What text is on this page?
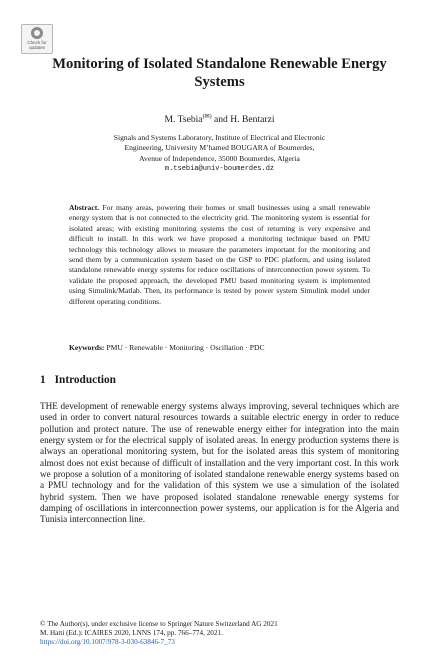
Check for updates
Monitoring of Isolated Standalone Renewable Energy Systems
M. Tsebia(✉) and H. Bentarzi
Signals and Systems Laboratory, Institute of Electrical and Electronic
Engineering, University M’hamed BOUGARA of Boumerdes,
Avenue of Independence, 35000 Boumerdes, Algeria
m.tsebia@univ-boumerdes.dz

Abstract. For many areas, powering their homes or small businesses using a small renewable energy system that is not connected to the electricity grid. The monitoring system is essential for isolated areas; with existing monitoring systems the cost of returning is very expensive and difficult to install. In this work we have proposed a monitoring technique based on PMU technology this technology allows to measure the parameters important for the monitoring and send them by a communication system based on the GSP to PDC platform, and using isolated standalone renewable energy systems for reduce oscillations of interconnection power system. To validate the proposed approach, the developed PMU based monitoring system is implemented using Simulink/Matlab. Then, its performance is tested by power system Simulink model under different operating conditions.

Keywords: PMU · Renewable · Monitoring · Oscillation · PDC
1 Introduction

THE development of renewable energy systems always improving, several techniques which are used in order to convert natural resources towards a suitable electric energy in order to reduce pollution and protect nature. The use of renewable energy either for integration into the main energy system or for the electrical supply of isolated areas. In energy production systems there is always an operational monitoring system, but for the isolated areas this system of monitoring almost does not exist because of difficult of installation and the very important cost. In this work we propose a solution of a monitoring of isolated standalone renewable energy systems based on a PMU technology and for the validation of this system we use a simulation of the isolated hybrid system. Then we have proposed isolated standalone renewable energy systems for damping of oscillations in interconnection power systems, our application is for the Algeria and Tunisia interconnection line.

© The Author(s), under exclusive license to Springer Nature Switzerland AG 2021
M. Hatti (Ed.): ICAIRES 2020, LNNS 174, pp. 766–774, 2021.
https://doi.org/10.1007/978-3-030-63846-7_73
